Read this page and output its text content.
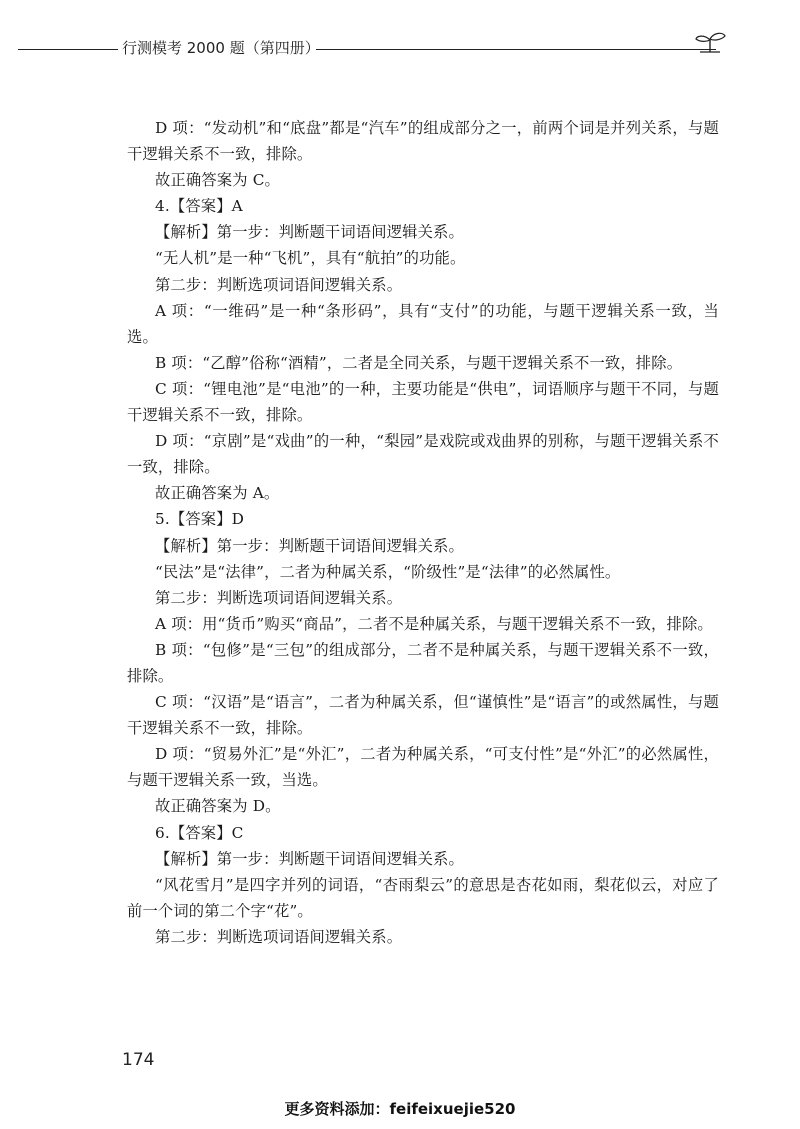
行测模考 2000 题（第四册）

D 项：“发动机”和“底盘”都是“汽车”的组成部分之一，前两个词是并列关系，与题干逻辑关系不一致，排除。

故正确答案为 C。

4.【答案】A

【解析】第一步：判断题干词语间逻辑关系。

“无人机”是一种“飞机”，具有“航拍”的功能。

第二步：判断选项词语间逻辑关系。

A 项：“一维码”是一种“条形码”，具有“支付”的功能，与题干逻辑关系一致，当选。

B 项：“乙醇”俗称“酒精”，二者是全同关系，与题干逻辑关系不一致，排除。

C 项：“锂电池”是“电池”的一种，主要功能是“供电”，词语顺序与题干不同，与题干逻辑关系不一致，排除。

D 项：“京剧”是“戏曲”的一种，“梨园”是戏院或戏曲界的别称，与题干逻辑关系不一致，排除。

故正确答案为 A。

5.【答案】D

【解析】第一步：判断题干词语间逻辑关系。

“民法”是“法律”，二者为种属关系，“阶级性”是“法律”的必然属性。

第二步：判断选项词语间逻辑关系。

A 项：用“货币”购买“商品”，二者不是种属关系，与题干逻辑关系不一致，排除。

B 项：“包修”是“三包”的组成部分，二者不是种属关系，与题干逻辑关系不一致，排除。

C 项：“汉语”是“语言”，二者为种属关系，但“谨慎性”是“语言”的或然属性，与题干逻辑关系不一致，排除。

D 项：“贸易外汇”是“外汇”，二者为种属关系，“可支付性”是“外汇”的必然属性，与题干逻辑关系一致，当选。

故正确答案为 D。

6.【答案】C

【解析】第一步：判断题干词语间逻辑关系。

“风花雪月”是四字并列的词语，“杏雨梨云”的意思是杏花如雨，梨花似云，对应了前一个词的第二个字“花”。

第二步：判断选项词语间逻辑关系。

174
更多资料添加：feifeixuejie520
